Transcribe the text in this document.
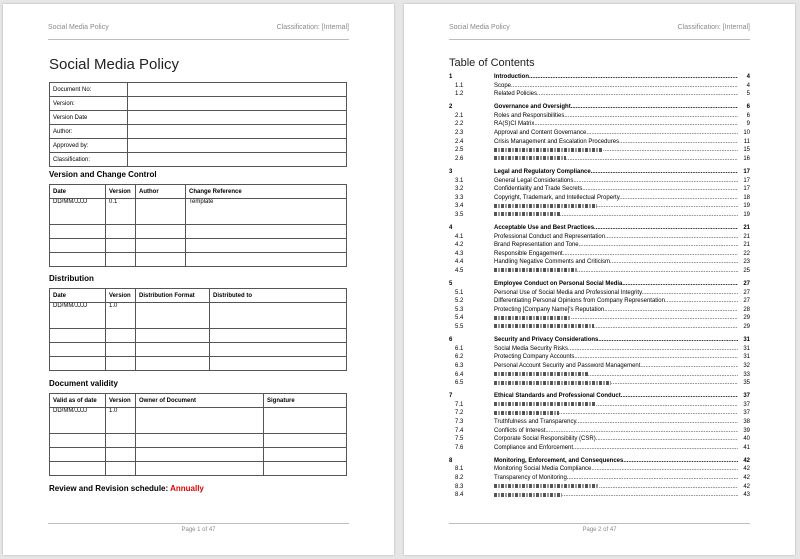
Social Media Policy	Classification: [Internal]
Social Media Policy
Document No:	
Version:	
Version Date	
Author:	
Approved by:	
Classification:	
Version and Change Control
Date	Version	Author	Change Reference
DD/MM/JJJJ	0.1		Template

Distribution
Date	Version	Distribution Format	Distributed to
DD/MM/JJJJ	1.0		

Document validity
Valid as of date	Version	Owner of Document	Signature
DD/MM/JJJJ	1.0		

Review and Revision schedule: Annually
Page 1 of 47
Social Media Policy	Classification: [Internal]
Table of Contents
1	Introduction .....	4
1.1	Scope .....	4
1.2	Related Policies .....	5
2	Governance and Oversight .....	6
2.1	Roles and Responsibilities .....	6
2.2	RA(S)CI Matrix .....	9
2.3	Approval and Content Governance .....	10
2.4	Crisis Management and Escalation Procedures .....	11
2.5 .....	15
2.6 .....	16
3	Legal and Regulatory Compliance .....	17
3.1	General Legal Considerations .....	17
3.2	Confidentiality and Trade Secrets .....	17
3.3	Copyright, Trademark, and Intellectual Property .....	18
3.4 .....	19
3.5 .....	19
4	Acceptable Use and Best Practices .....	21
4.1	Professional Conduct and Representation .....	21
4.2	Brand Representation and Tone .....	21
4.3	Responsible Engagement .....	22
4.4	Handling Negative Comments and Criticism .....	23
4.5 .....	25
5	Employee Conduct on Personal Social Media .....	27
5.1	Personal Use of Social Media and Professional Integrity .....	27
5.2	Differentiating Personal Opinions from Company Representation .....	27
5.3	Protecting [Company Name]'s Reputation .....	28
5.4 .....	29
5.5 .....	29
6	Security and Privacy Considerations .....	31
6.1	Social Media Security Risks .....	31
6.2	Protecting Company Accounts .....	31
6.3	Personal Account Security and Password Management .....	32
6.4 .....	33
6.5 .....	35
7	Ethical Standards and Professional Conduct .....	37
7.1 .....	37
7.2 .....	37
7.3	Truthfulness and Transparency .....	38
7.4	Conflicts of Interest .....	39
7.5	Corporate Social Responsibility (CSR) .....	40
7.6	Compliance and Enforcement .....	41
8	Monitoring, Enforcement, and Consequences .....	42
8.1	Monitoring Social Media Compliance .....	42
8.2	Transparency of Monitoring .....	42
8.3 .....	42
8.4 .....	43
Page 2 of 47
